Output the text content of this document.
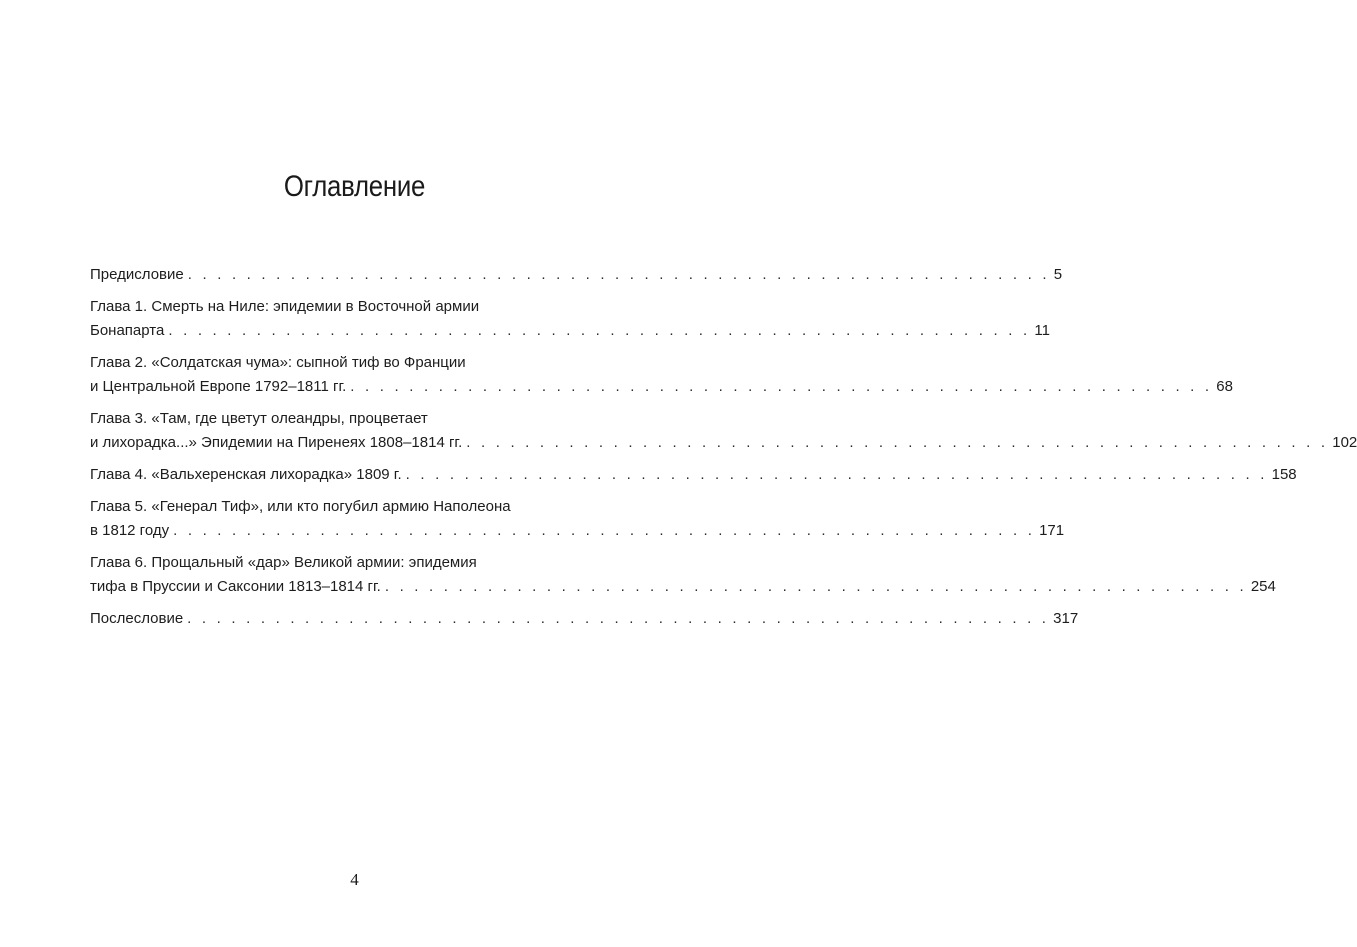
Оглавление
Предисловие . . . . . . . . . . . . . . . . . . . . . . . . . . . . . . . . . . . . . . . . . . . . . . . . . . . . . . . . . . . 5
Глава 1. Смерть на Ниле: эпидемии в Восточной армии
Бонапарта . . . . . . . . . . . . . . . . . . . . . . . . . . . . . . . . . . . . . . . . . . . . . . . . . . . . . . . . . . . 11
Глава 2. «Солдатская чума»: сыпной тиф во Франции
и Центральной Европе 1792–1811 гг. . . . . . . . . . . . . . . . . . . . . . . . . . . . . . . . . . . . . . . . . . . . . . . . . . . . . . . . . . . . 68
Глава 3. «Там, где цветут олеандры, процветает
и лихорадка...» Эпидемии на Пиренеях 1808–1814 гг. . . . . . . . . . . . . . . . . . . . . . . . . . . . . . . . . . . . . . . . . . . . . . . . . . . . . . . . . . . . 102
Глава 4. «Вальхеренская лихорадка» 1809 г. . . . . . . . . . . . . . . . . . . . . . . . . . . . . . . . . . . . . . . . . . . . . . . . . . . . . . . . . . . . 158
Глава 5. «Генерал Тиф», или кто погубил армию Наполеона
в 1812 году . . . . . . . . . . . . . . . . . . . . . . . . . . . . . . . . . . . . . . . . . . . . . . . . . . . . . . . . . . . 171
Глава 6. Прощальный «дар» Великой армии: эпидемия
тифа в Пруссии и Саксонии 1813–1814 гг. . . . . . . . . . . . . . . . . . . . . . . . . . . . . . . . . . . . . . . . . . . . . . . . . . . . . . . . . . . . 254
Послесловие . . . . . . . . . . . . . . . . . . . . . . . . . . . . . . . . . . . . . . . . . . . . . . . . . . . . . . . . . . . 317
4
